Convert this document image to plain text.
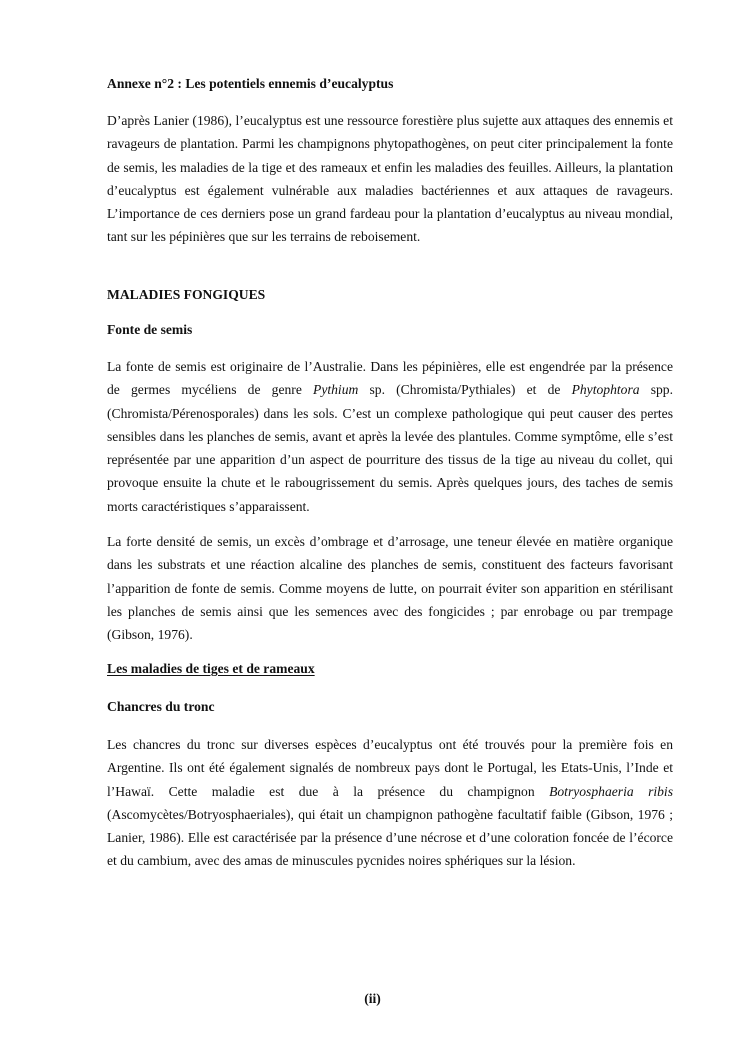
Annexe n°2 : Les potentiels ennemis d’eucalyptus

D’après Lanier (1986), l’eucalyptus est une ressource forestière plus sujette aux attaques des ennemis et ravageurs de plantation. Parmi les champignons phytopathogènes, on peut citer principalement la fonte de semis, les maladies de la tige et des rameaux et enfin les maladies des feuilles. Ailleurs, la plantation d’eucalyptus est également vulnérable aux maladies bactériennes et aux attaques de ravageurs. L’importance de ces derniers pose un grand fardeau pour la plantation d’eucalyptus au niveau mondial, tant sur les pépinières que sur les terrains de reboisement.

MALADIES FONGIQUES
Fonte de semis

La fonte de semis est originaire de l’Australie. Dans les pépinières, elle est engendrée par la présence de germes mycéliens de genre Pythium sp. (Chromista/Pythiales) et de Phytophtora spp. (Chromista/Pérenosporales) dans les sols. C’est un complexe pathologique qui peut causer des pertes sensibles dans les planches de semis, avant et après la levée des plantules. Comme symptôme, elle s’est représentée par une apparition d’un aspect de pourriture des tissus de la tige au niveau du collet, qui provoque ensuite la chute et le rabougrissement du semis. Après quelques jours, des taches de semis morts caractéristiques s’apparaissent.

La forte densité de semis, un excès d’ombrage et d’arrosage, une teneur élevée en matière organique dans les substrats et une réaction alcaline des planches de semis, constituent des facteurs favorisant l’apparition de fonte de semis. Comme moyens de lutte, on pourrait éviter son apparition en stérilisant les planches de semis ainsi que les semences avec des fongicides ; par enrobage ou par trempage (Gibson, 1976).

Les maladies de tiges et de rameaux
Chancres du tronc

Les chancres du tronc sur diverses espèces d’eucalyptus ont été trouvés pour la première fois en Argentine. Ils ont été également signalés de nombreux pays dont le Portugal, les Etats-Unis, l’Inde et l’Hawaï. Cette maladie est due à la présence du champignon Botryosphaeria ribis (Ascomycètes/Botryosphaeriales), qui était un champignon pathogène facultatif faible (Gibson, 1976 ; Lanier, 1986). Elle est caractérisée par la présence d’une nécrose et d’une coloration foncée de l’écorce et du cambium, avec des amas de minuscules pycnides noires sphériques sur la lésion.

(ii)
